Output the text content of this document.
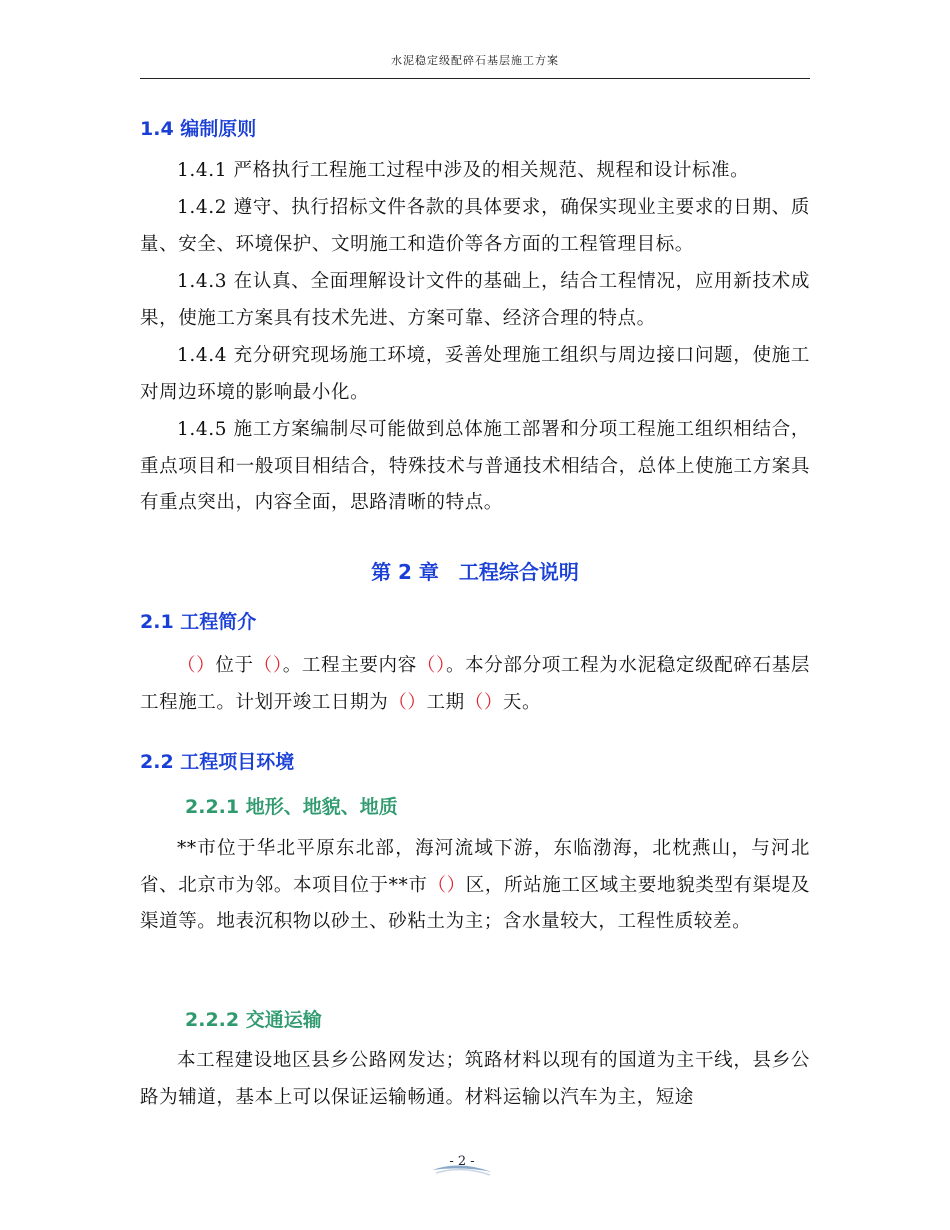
水泥稳定级配碎石基层施工方案
1.4 编制原则
1.4.1 严格执行工程施工过程中涉及的相关规范、规程和设计标准。
1.4.2 遵守、执行招标文件各款的具体要求，确保实现业主要求的日期、质量、安全、环境保护、文明施工和造价等各方面的工程管理目标。
1.4.3 在认真、全面理解设计文件的基础上，结合工程情况，应用新技术成果，使施工方案具有技术先进、方案可靠、经济合理的特点。
1.4.4 充分研究现场施工环境，妥善处理施工组织与周边接口问题，使施工对周边环境的影响最小化。
1.4.5 施工方案编制尽可能做到总体施工部署和分项工程施工组织相结合，重点项目和一般项目相结合，特殊技术与普通技术相结合，总体上使施工方案具有重点突出，内容全面，思路清晰的特点。
第 2 章　工程综合说明
2.1 工程简介
（）位于（）。工程主要内容（）。本分部分项工程为水泥稳定级配碎石基层工程施工。计划开竣工日期为（）工期（）天。
2.2 工程项目环境
2.2.1 地形、地貌、地质
**市位于华北平原东北部，海河流域下游，东临渤海，北枕燕山，与河北省、北京市为邻。本项目位于**市（）区，所站施工区域主要地貌类型有渠堤及渠道等。地表沉积物以砂土、砂粘土为主；含水量较大，工程性质较差。
2.2.2 交通运输
本工程建设地区县乡公路网发达；筑路材料以现有的国道为主干线，县乡公路为辅道，基本上可以保证运输畅通。材料运输以汽车为主，短途
- 2 -
